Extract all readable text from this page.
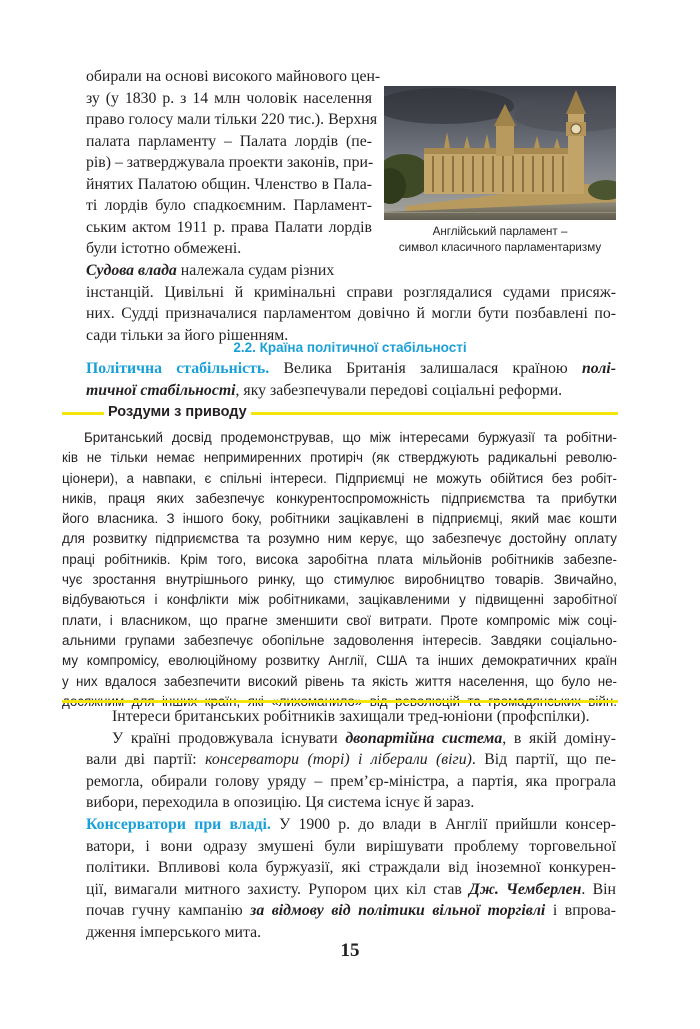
обирали на основі високого майнового цен-
зу (у 1830 р. з 14 млн чоловік населення
право голосу мали тільки 220 тис.). Верхня
палата парламенту – Палата лордів (пе-
рів) – затверджувала проекти законів, при-
йнятих Палатою общин. Членство в Пала-
ті лордів було спадкоємним. Парламент-
ським актом 1911 р. права Палати лордів
були істотно обмежені.
Англійський парламент –
символ класичного парламентаризму
Судова влада належала судам різних
інстанцій. Цивільні й кримінальні справи розглядалися судами присяж-
них. Судді призначалися парламентом довічно й могли бути позбавлені по-
сади тільки за його рішенням.
2.2. Країна політичної стабільності
Політична стабільність. Велика Британія залишалася країною полі-
тичної стабільності, яку забезпечували передові соціальні реформи.
Роздуми з приводу
Британський досвід продемонстрував, що між інтересами буржуазії та робітни-
ків не тільки немає непримиренних протиріч (як стверджують радикальні револю-
ціонери), а навпаки, є спільні інтереси. Підприємці не можуть обійтися без робіт-
ників, праця яких забезпечує конкурентоспроможність підприємства та прибутки
його власника. З іншого боку, робітники зацікавлені в підприємці, який має кошти
для розвитку підприємства та розумно ним керує, що забезпечує достойну оплату
праці робітників. Крім того, висока заробітна плата мільйонів робітників забезпе-
чує зростання внутрішнього ринку, що стимулює виробництво товарів. Звичайно,
відбуваються і конфлікти між робітниками, зацікавленими у підвищенні заробітної
плати, і власником, що прагне зменшити свої витрати. Проте компроміс між соці-
альними групами забезпечує обопільне задоволення інтересів. Завдяки соціально-
му компромісу, еволюційному розвитку Англії, США та інших демократичних країн
у них вдалося забезпечити високий рівень та якість життя населення, що було не-
Інтереси британських робітників захищали тред-юніони (профспілки).
У країні продовжувала існувати двопартійна система, в якій доміну-
вали дві партії: консерватори (торі) і ліберали (віги). Від партії, що пе-
ремогла, обирали голову уряду – прем’єр-міністра, а партія, яка програла
вибори, переходила в опозицію. Ця система існує й зараз.
Консерватори при владі. У 1900 р. до влади в Англії прийшли консер-
ватори, і вони одразу змушені були вирішувати проблему торговельної
політики. Впливові кола буржуазії, які страждали від іноземної конкурен-
ції, вимагали митного захисту. Рупором цих кіл став Дж. Чемберлен. Він
почав гучну кампанію за відмову від політики вільної торгівлі і впрова-
дження імперського мита.
15
